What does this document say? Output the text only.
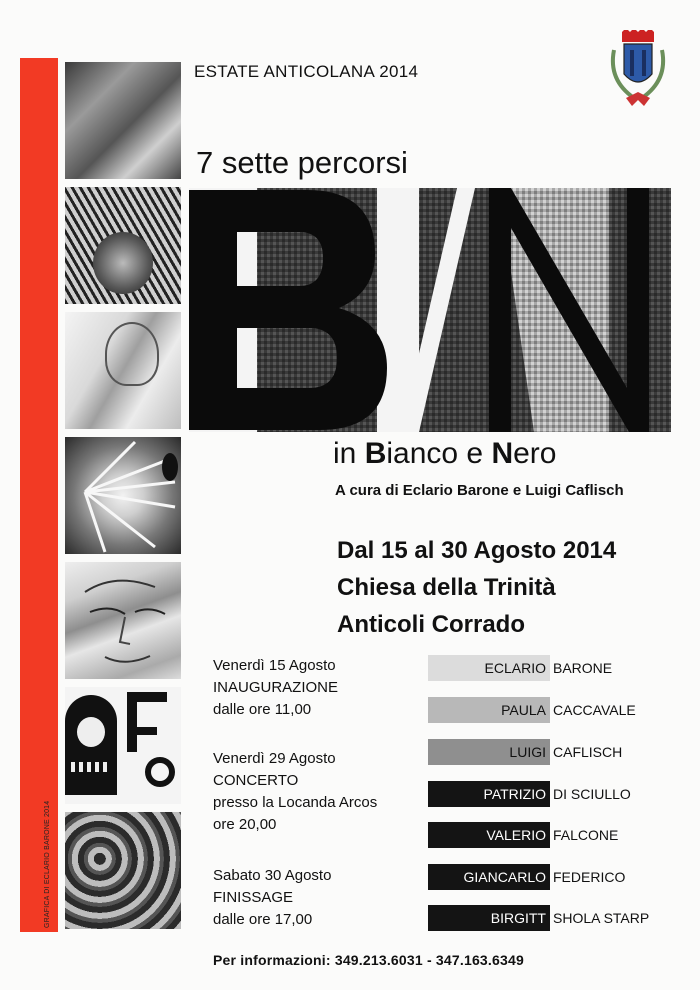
GRAFICA DI ECLARIO BARONE 2014
ESTATE ANTICOLANA 2014
7 sette percorsi
in Bianco e Nero
A cura di Eclario Barone e Luigi Caflisch
Dal 15 al 30 Agosto 2014
Chiesa della Trinità
Anticoli Corrado
Venerdì 15 Agosto
INAUGURAZIONE
dalle ore 11,00
Venerdì 29 Agosto
CONCERTO
presso la Locanda Arcos
ore 20,00
Sabato 30 Agosto
FINISSAGE
dalle ore 17,00
ECLARIO BARONE
PAULA CACCAVALE
LUIGI CAFLISCH
PATRIZIO DI SCIULLO
VALERIO FALCONE
GIANCARLO FEDERICO
BIRGITT SHOLA STARP
Per informazioni: 349.213.6031 - 347.163.6349
